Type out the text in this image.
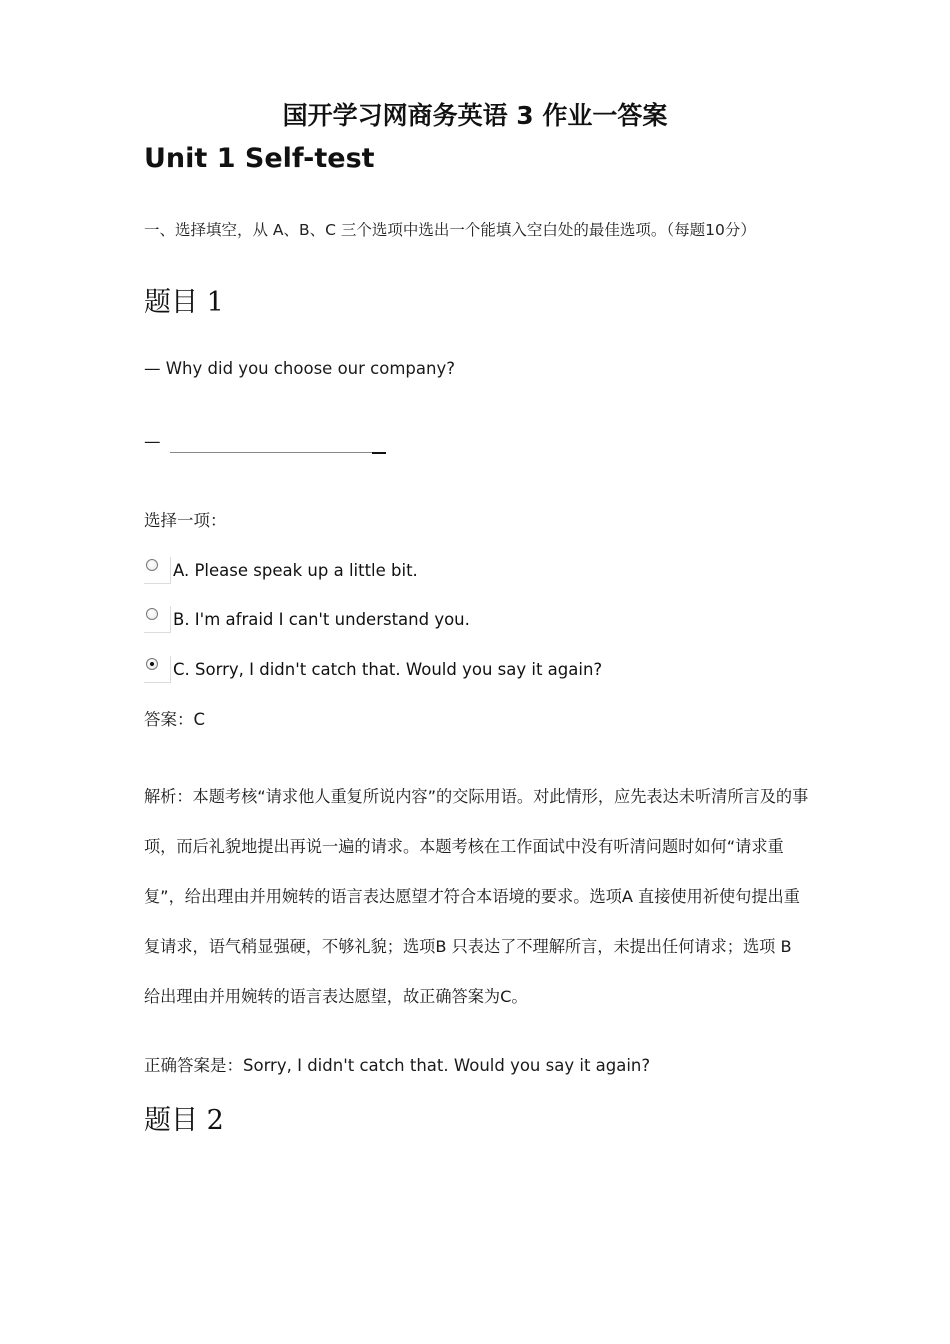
国开学习网商务英语 3 作业一答案
Unit 1 Self-test
一、选择填空，从 A、B、C 三个选项中选出一个能填入空白处的最佳选项。（每题10分）
题目 1
— Why did you choose our company?
—
选择一项：
A. Please speak up a little bit.
B. I'm afraid I can't understand you.
C. Sorry, I didn't catch that. Would you say it again?
答案：C
解析：本题考核“请求他人重复所说内容”的交际用语。对此情形，应先表达未听清所言及的事项，而后礼貌地提出再说一遍的请求。本题考核在工作面试中没有听清问题时如何“请求重复”，给出理由并用婉转的语言表达愿望才符合本语境的要求。选项A 直接使用祈使句提出重复请求，语气稍显强硬，不够礼貌；选项B 只表达了不理解所言，未提出任何请求；选项 B 给出理由并用婉转的语言表达愿望，故正确答案为C。
正确答案是：Sorry, I didn't catch that. Would you say it again?
题目 2
